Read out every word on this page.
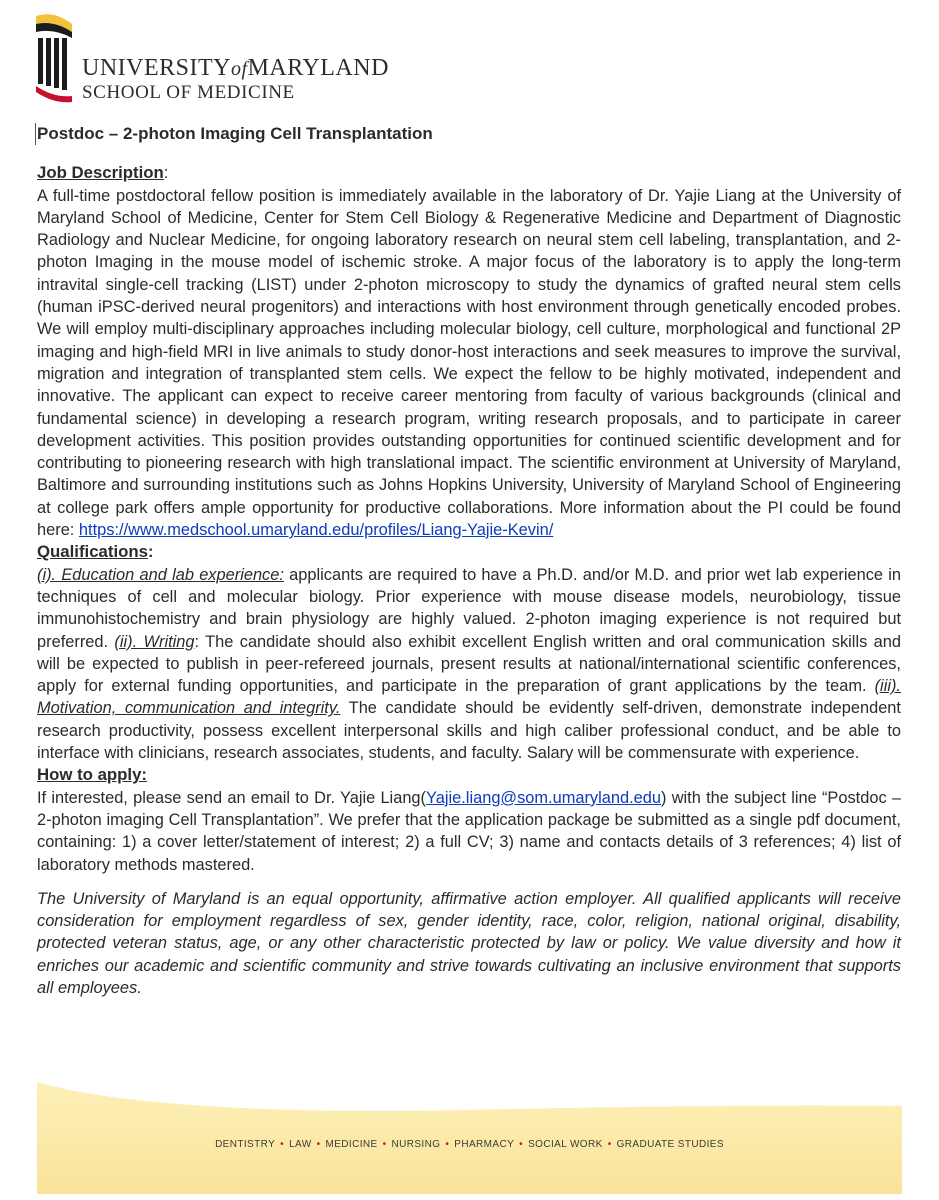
UNIVERSITYofMARYLAND
SCHOOL OF MEDICINE
Postdoc – 2-photon Imaging Cell Transplantation

Job Description:
A full-time postdoctoral fellow position is immediately available in the laboratory of Dr. Yajie Liang at the University of Maryland School of Medicine, Center for Stem Cell Biology & Regenerative Medicine and Department of Diagnostic Radiology and Nuclear Medicine, for ongoing laboratory research on neural stem cell labeling, transplantation, and 2-photon Imaging in the mouse model of ischemic stroke. A major focus of the laboratory is to apply the long-term intravital single-cell tracking (LIST) under 2-photon microscopy to study the dynamics of grafted neural stem cells (human iPSC-derived neural progenitors) and interactions with host environment through genetically encoded probes. We will employ multi-disciplinary approaches including molecular biology, cell culture, morphological and functional 2P imaging and high-field MRI in live animals to study donor-host interactions and seek measures to improve the survival, migration and integration of transplanted stem cells. We expect the fellow to be highly motivated, independent and innovative. The applicant can expect to receive career mentoring from faculty of various backgrounds (clinical and fundamental science) in developing a research program, writing research proposals, and to participate in career development activities. This position provides outstanding opportunities for continued scientific development and for contributing to pioneering research with high translational impact. The scientific environment at University of Maryland, Baltimore and surrounding institutions such as Johns Hopkins University, University of Maryland School of Engineering at college park offers ample opportunity for productive collaborations. More information about the PI could be found here: https://www.medschool.umaryland.edu/profiles/Liang-Yajie-Kevin/

Qualifications:
(i). Education and lab experience: applicants are required to have a Ph.D. and/or M.D. and prior wet lab experience in techniques of cell and molecular biology. Prior experience with mouse disease models, neurobiology, tissue immunohistochemistry and brain physiology are highly valued. 2-photon imaging experience is not required but preferred. (ii). Writing: The candidate should also exhibit excellent English written and oral communication skills and will be expected to publish in peer-refereed journals, present results at national/international scientific conferences, apply for external funding opportunities, and participate in the preparation of grant applications by the team. (iii). Motivation, communication and integrity. The candidate should be evidently self-driven, demonstrate independent research productivity, possess excellent interpersonal skills and high caliber professional conduct, and be able to interface with clinicians, research associates, students, and faculty. Salary will be commensurate with experience.

How to apply:
If interested, please send an email to Dr. Yajie Liang(Yajie.liang@som.umaryland.edu) with the subject line “Postdoc – 2-photon imaging Cell Transplantation”. We prefer that the application package be submitted as a single pdf document, containing: 1) a cover letter/statement of interest; 2) a full CV; 3) name and contacts details of 3 references; 4) list of laboratory methods mastered.

The University of Maryland is an equal opportunity, affirmative action employer. All qualified applicants will receive consideration for employment regardless of sex, gender identity, race, color, religion, national original, disability, protected veteran status, age, or any other characteristic protected by law or policy. We value diversity and how it enriches our academic and scientific community and strive towards cultivating an inclusive environment that supports all employees.

DENTISTRY • LAW • MEDICINE • NURSING • PHARMACY • SOCIAL WORK • GRADUATE STUDIES
